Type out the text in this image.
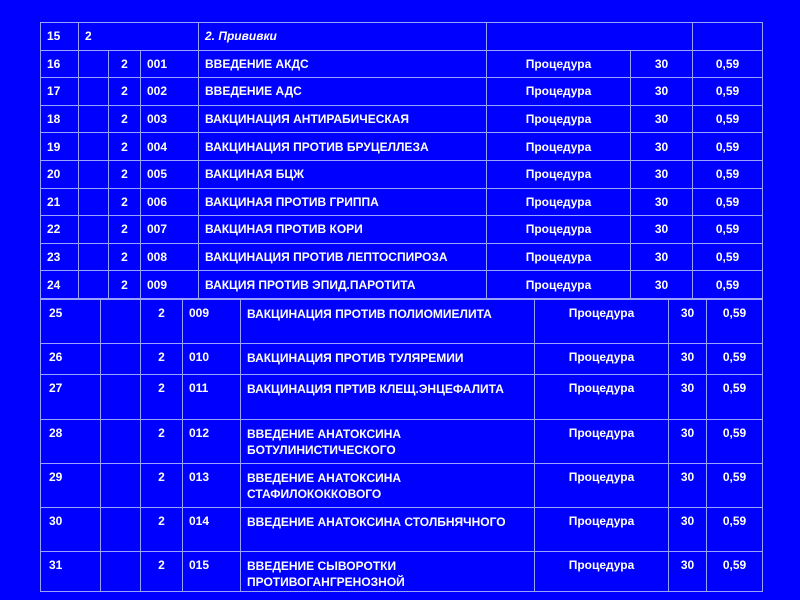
15	2			2. Прививки			
16		2	001	ВВЕДЕНИЕ АКДС	Процедура	30	0,59
17		2	002	ВВЕДЕНИЕ АДС	Процедура	30	0,59
18		2	003	ВАКЦИНАЦИЯ АНТИРАБИЧЕСКАЯ	Процедура	30	0,59
19		2	004	ВАКЦИНАЦИЯ ПРОТИВ БРУЦЕЛЛЕЗА	Процедура	30	0,59
20		2	005	ВАКЦИНАЯ БЦЖ	Процедура	30	0,59
21		2	006	ВАКЦИНАЯ ПРОТИВ ГРИППА	Процедура	30	0,59
22		2	007	ВАКЦИНАЯ ПРОТИВ КОРИ	Процедура	30	0,59
23		2	008	ВАКЦИНАЦИЯ ПРОТИВ ЛЕПТОСПИРОЗА	Процедура	30	0,59
24		2	009	ВАКЦИЯ ПРОТИВ ЭПИД.ПАРОТИТА	Процедура	30	0,59
25		2	009	ВАКЦИНАЦИЯ ПРОТИВ ПОЛИОМИЕЛИТА	Процедура	30	0,59
26		2	010	ВАКЦИНАЦИЯ ПРОТИВ ТУЛЯРЕМИИ	Процедура	30	0,59
27		2	011	ВАКЦИНАЦИЯ ПРТИВ КЛЕЩ.ЭНЦЕФАЛИТА	Процедура	30	0,59
28		2	012	ВВЕДЕНИЕ АНАТОКСИНА БОТУЛИНИСТИЧЕСКОГО	Процедура	30	0,59
29		2	013	ВВЕДЕНИЕ АНАТОКСИНА СТАФИЛОКОККОВОГО	Процедура	30	0,59
30		2	014	ВВЕДЕНИЕ АНАТОКСИНА СТОЛБНЯЧНОГО	Процедура	30	0,59
31		2	015	ВВЕДЕНИЕ СЫВОРОТКИ ПРОТИВОГАНГРЕНОЗНОЙ	Процедура	30	0,59
